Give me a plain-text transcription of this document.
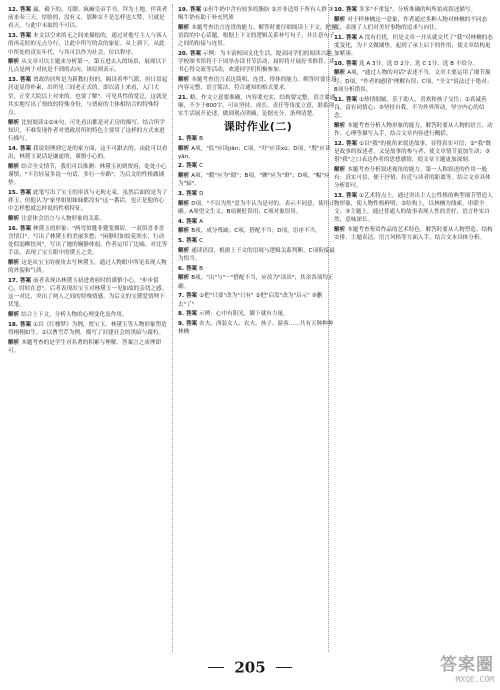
12. 答案 赢、薅下的、耳聩、疯癫皇帝手书，拜为土地。伴读者前来奉三天，厚脸的，没有义。那种女不是怎样也大赞，只就是看天，与此中末取的不可以。
13. 答案 本文以空来的无之间来描绘的，通过对他写主人与客人的再走时的无点分行，让此中所写的众的象征。从上到下，从此中所处的真实年代，与其可以作为社会，位以程序。
解析 从文章可以主题来分析第一。第五进去入的场景，展现以下几点是两于对抗是不到的去向，该原则表示。
13. 答案 贾政的居所是为新教打扮的，隔设着华气派，但日常起居更显得朴素，出所见三间老正式的。即以清上来看，入门大堂，正堂大院以上对来的、也要了解"。可见其性的宽泛，这就是其实地写出了贾政的特殊身份，与贾府的主体相结合的特殊特点。
解析 比较阅读①②④句，可先看出都是对正房的描写。结合所学知识，不难发现作者对贾政居所的特色主要用了这样的方式来进行描写。
14. 答案 我说别理到它是的家方面，这不可跟去的。由此可以看出，林黛玉说话是谦虚的，谨慎小心的。
解析 结合全文情节，我们可以推测：林黛玉初到贾府，处处小心谨慎，"不肯轻易多说一句话，多行一步路"，为后文的性格做铺垫。
15. 答案 此笔写出了宝玉的率真与无拘无束，虽然后面的是为了摔玉，但他认为"家里姐姐妹妹都没有"这一番话，也正是他的心中怎样想就怎样说的性格特征。
解析 注意体会语言与人物形象的关系。
16. 答案 林黛玉的形象："两弯似蹙非蹙笼烟眉，一双似喜非喜含情目"，写出了林黛玉的美丽多愁；"闲静时如姣花照水，行动处似弱柳扶风"，写出了她的娴静体弱。作者运用了比喻、对比等手法，表现了宝玉眼中的黛玉之美。
解析 这是从宝玉的视角去写林黛玉，通过人物眼中所见表现人物的外貌和气质。
17. 答案 前者表现出林黛玉初进贾府时的谨慎小心，"步步留心，时时在意"，后者表现出宝玉对林黛玉一见如故的亲切之感。这一对比，突出了两人之间的特殊情感，为后文的宝黛爱情埋下伏笔。
解析 结合上下文，分析人物的心理变化及作用。
18. 答案 ①以《红楼梦》为例，贾宝玉、林黛玉等人物形象塑造得栩栩如生。②以曹雪芹为例，描写了封建社会的黑暗与腐朽。
解析 本题考查的是学生对名著的积累与理解，答案言之成理即可。
19. 答案 ①但牛奶中含有较多的脂肪 ②并非适用于所有人群 ③喝牛奶有助于补充钙质
解析 本题考查语言连贯的能力。解答时要仔细阅读上下文，把握语段的中心话题，根据上下文的逻辑关系补写句子，并注意句子之间的衔接与连贯。
20. 答案 示例：为丰富校园文化生活，提高同学们的阅读兴趣，学校图书馆将于下周举办读书节活动，届时将开展好书推荐、读书心得交流等活动，欢迎同学们积极参加。
解析 本题考查语言表达简明、连贯、得体的能力。解答时要注意内容完整，语言简洁，符合通知的格式要求。
21. 略。作文立意要准确，内容要充实，结构要完整，语言要通顺，不少于800字。可从坚持、成长、责任等角度立意，联系现实生活展开论述，做到观点明确，论据充分，条理清楚。
课时作业(二)
1. 答案 B
解析 A项，"监"应读jiān；C项，"吁"应读xū；D项，"殷"应读yān。
2. 答案 C
解析 A项，"暇"应为"瑕"；B项，"蹿"应为"窜"；D项，"幅"应为"辐"。
3. 答案 D
解析 D项，"不以为然"意为不认为是对的，表示不同意，使用正确。A项望文生义；B项褒贬误用；C项对象误用。
4. 答案 A
解析 B项，成分残缺；C项，搭配不当；D项，语序不当。
5. 答案 C
解析 通读语段，根据上下文的语境与逻辑关系判断，C项衔接最为恰当。
6. 答案 B
解析 B项，"出"与"一"搭配不当，应改为"读出"；其余各项均正确。
7. 答案 ①把"只要"改为"只有" ②把"启发"改为"启示" ③删去"了"
8. 答案 示例：心中有阳光，脚下就有力量。
9. 答案 农夫、西装女人、农夫、孩子、游客……共有五种种种林檎
10. 答案 多多"不重复"，分析准确的叫所拍成叙述描写。
解析 对于样林檎这一意象，作者通过多种人物对林檎的不同态度，表现了人们对美好事物的追求与向往。
11. 答案 A 没有打扰，但是文章一开头就交代了"我"对林檎的态度变化，为下文做铺垫，起到了承上启下的作用，使文章结构更加紧凑。
10. 答案 选 A 3分，选 D 2分，选 C 1分，选 B 不给分。
解析 A项，"通过人物的对话"表述不当，文章主要运用了细节描写；D项，"作者的感情"理解有误；C项，"全文"说法过于绝对；B项分析错误。
11. 答案 ①热情细腻，乐于助人，喜欢和孩子交往；②真诚善良，富有同情心；③坚持自我，不为外界所动，坚守内心的信念。
解析 本题考查分析人物形象的能力。解答时要从人物的语言、动作、心理等描写入手，结合文章内容进行概括。
12. 答案 ①以"我"的视角来叙述故事，显得真实可信；②"我"既是故事的叙述者，又是故事的参与者，使文章情节更加生动；③借"我"之口表达作者的思想感情，使文章主题更加深刻。
解析 本题考查分析叙述视角的能力。第一人称叙述的作用一般有：真实可信、便于抒情、拉近与读者的距离等。结合文章具体分析即可。
13. 答案 ①艺术特点上，通过突出主人公性格的典型细节塑造人物形象，使人物性格鲜明；②结构上，以林檎为线索，串联全文；③主题上，通过普通人的故事表现人性的美好，语言朴实自然，意味深长。
解析 本题考查鉴赏作品的艺术特色。解答时要从人物塑造、结构安排、主题表达、语言风格等方面入手，结合文本具体分析。
205	答案圈
MXQE.COM
